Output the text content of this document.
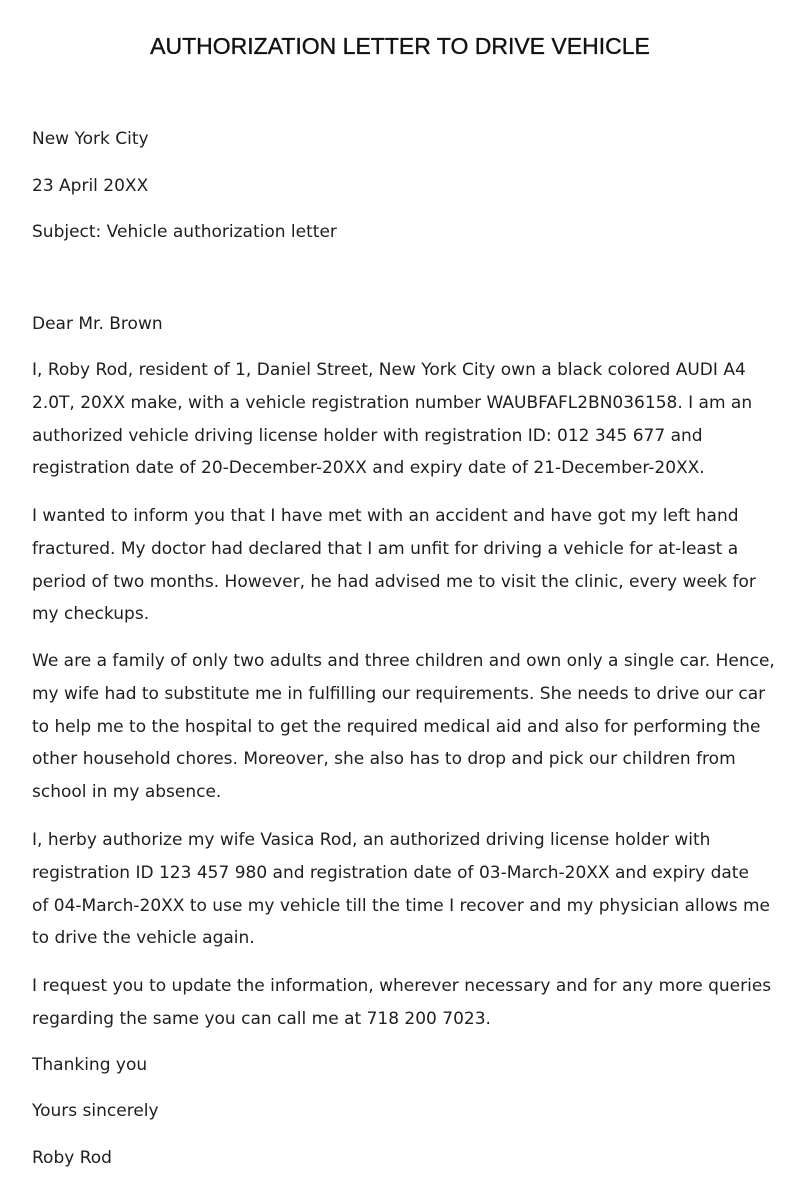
AUTHORIZATION LETTER TO DRIVE VEHICLE

New York City

23 April 20XX

Subject: Vehicle authorization letter

Dear Mr. Brown

I, Roby Rod, resident of 1, Daniel Street, New York City own a black colored AUDI A4
2.0T, 20XX make, with a vehicle registration number WAUBFAFL2BN036158. I am an
authorized vehicle driving license holder with registration ID: 012 345 677 and
registration date of 20-December-20XX and expiry date of 21-December-20XX.
I wanted to inform you that I have met with an accident and have got my left hand
fractured. My doctor had declared that I am unfit for driving a vehicle for at-least a
period of two months. However, he had advised me to visit the clinic, every week for
my checkups.
We are a family of only two adults and three children and own only a single car. Hence,
my wife had to substitute me in fulfilling our requirements. She needs to drive our car
to help me to the hospital to get the required medical aid and also for performing the
other household chores. Moreover, she also has to drop and pick our children from
school in my absence.
I, herby authorize my wife Vasica Rod, an authorized driving license holder with
registration ID 123 457 980 and registration date of 03-March-20XX and expiry date
of 04-March-20XX to use my vehicle till the time I recover and my physician allows me
to drive the vehicle again.
I request you to update the information, wherever necessary and for any more queries
regarding the same you can call me at 718 200 7023.

Thanking you

Yours sincerely

Roby Rod
